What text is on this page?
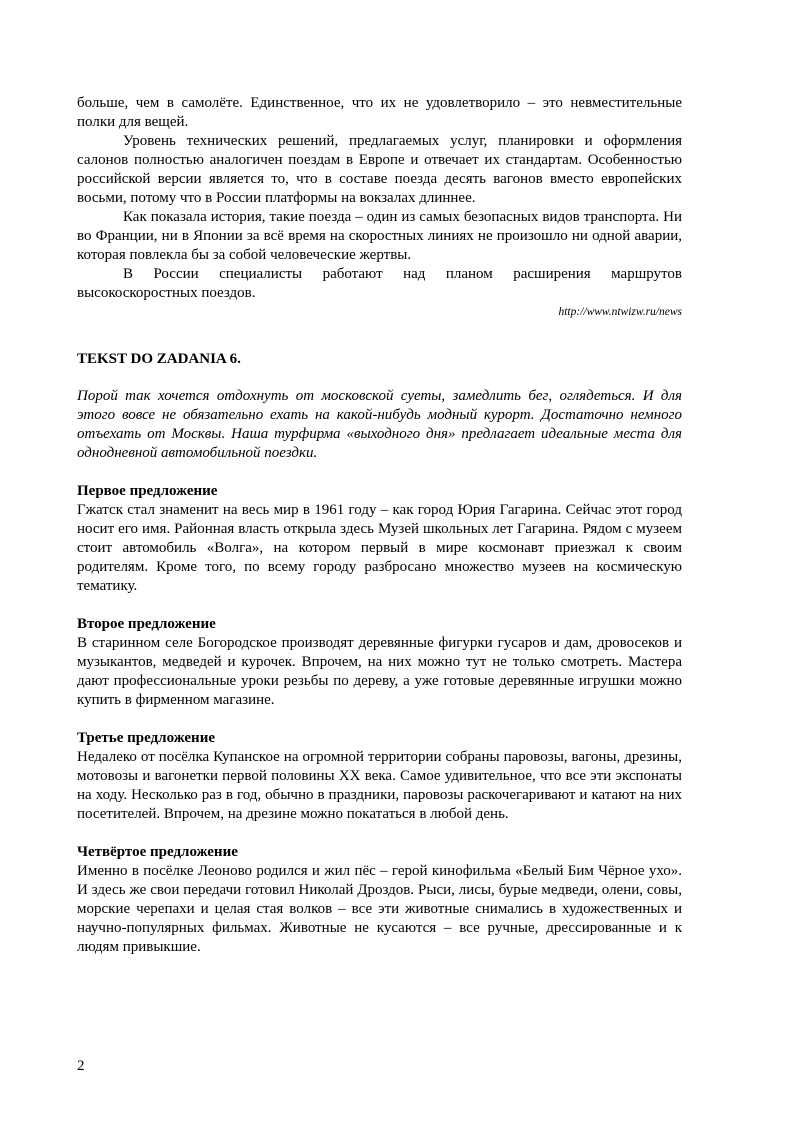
больше, чем в самолёте. Единственное, что их не удовлетворило – это невместительные полки для вещей.

Уровень технических решений, предлагаемых услуг, планировки и оформления салонов полностью аналогичен поездам в Европе и отвечает их стандартам. Особенностью российской версии является то, что в составе поезда десять вагонов вместо европейских восьми, потому что в России платформы на вокзалах длиннее.

Как показала история, такие поезда – один из самых безопасных видов транспорта. Ни во Франции, ни в Японии за всё время на скоростных линиях не произошло ни одной аварии, которая повлекла бы за собой человеческие жертвы.

В России специалисты работают над планом расширения маршрутов высокоскоростных поездов.

http://www.ntwizw.ru/news

TEKST DO ZADANIA 6.

Порой так хочется отдохнуть от московской суеты, замедлить бег, оглядеться. И для этого вовсе не обязательно ехать на какой-нибудь модный курорт. Достаточно немного отъехать от Москвы. Наша турфирма «выходного дня» предлагает идеальные места для однодневной автомобильной поездки.

Первое предложение

Гжатск стал знаменит на весь мир в 1961 году – как город Юрия Гагарина. Сейчас этот город носит его имя. Районная власть открыла здесь Музей школьных лет Гагарина. Рядом с музеем стоит автомобиль «Волга», на котором первый в мире космонавт приезжал к своим родителям. Кроме того, по всему городу разбросано множество музеев на космическую тематику.

Второе предложение

В старинном селе Богородское производят деревянные фигурки гусаров и дам, дровосеков и музыкантов, медведей и курочек. Впрочем, на них можно тут не только смотреть. Мастера дают профессиональные уроки резьбы по дереву, а уже готовые деревянные игрушки можно купить в фирменном магазине.

Третье предложение

Недалеко от посёлка Купанское на огромной территории собраны паровозы, вагоны, дрезины, мотовозы и вагонетки первой половины XX века. Самое удивительное, что все эти экспонаты на ходу. Несколько раз в год, обычно в праздники, паровозы раскочегаривают и катают на них посетителей. Впрочем, на дрезине можно покататься в любой день.

Четвёртое предложение

Именно в посёлке Леоново родился и жил пёс – герой кинофильма «Белый Бим Чёрное ухо». И здесь же свои передачи готовил Николай Дроздов. Рыси, лисы, бурые медведи, олени, совы, морские черепахи и целая стая волков – все эти животные снимались в художественных и научно-популярных фильмах. Животные не кусаются – все ручные, дрессированные и к людям привыкшие.

2
